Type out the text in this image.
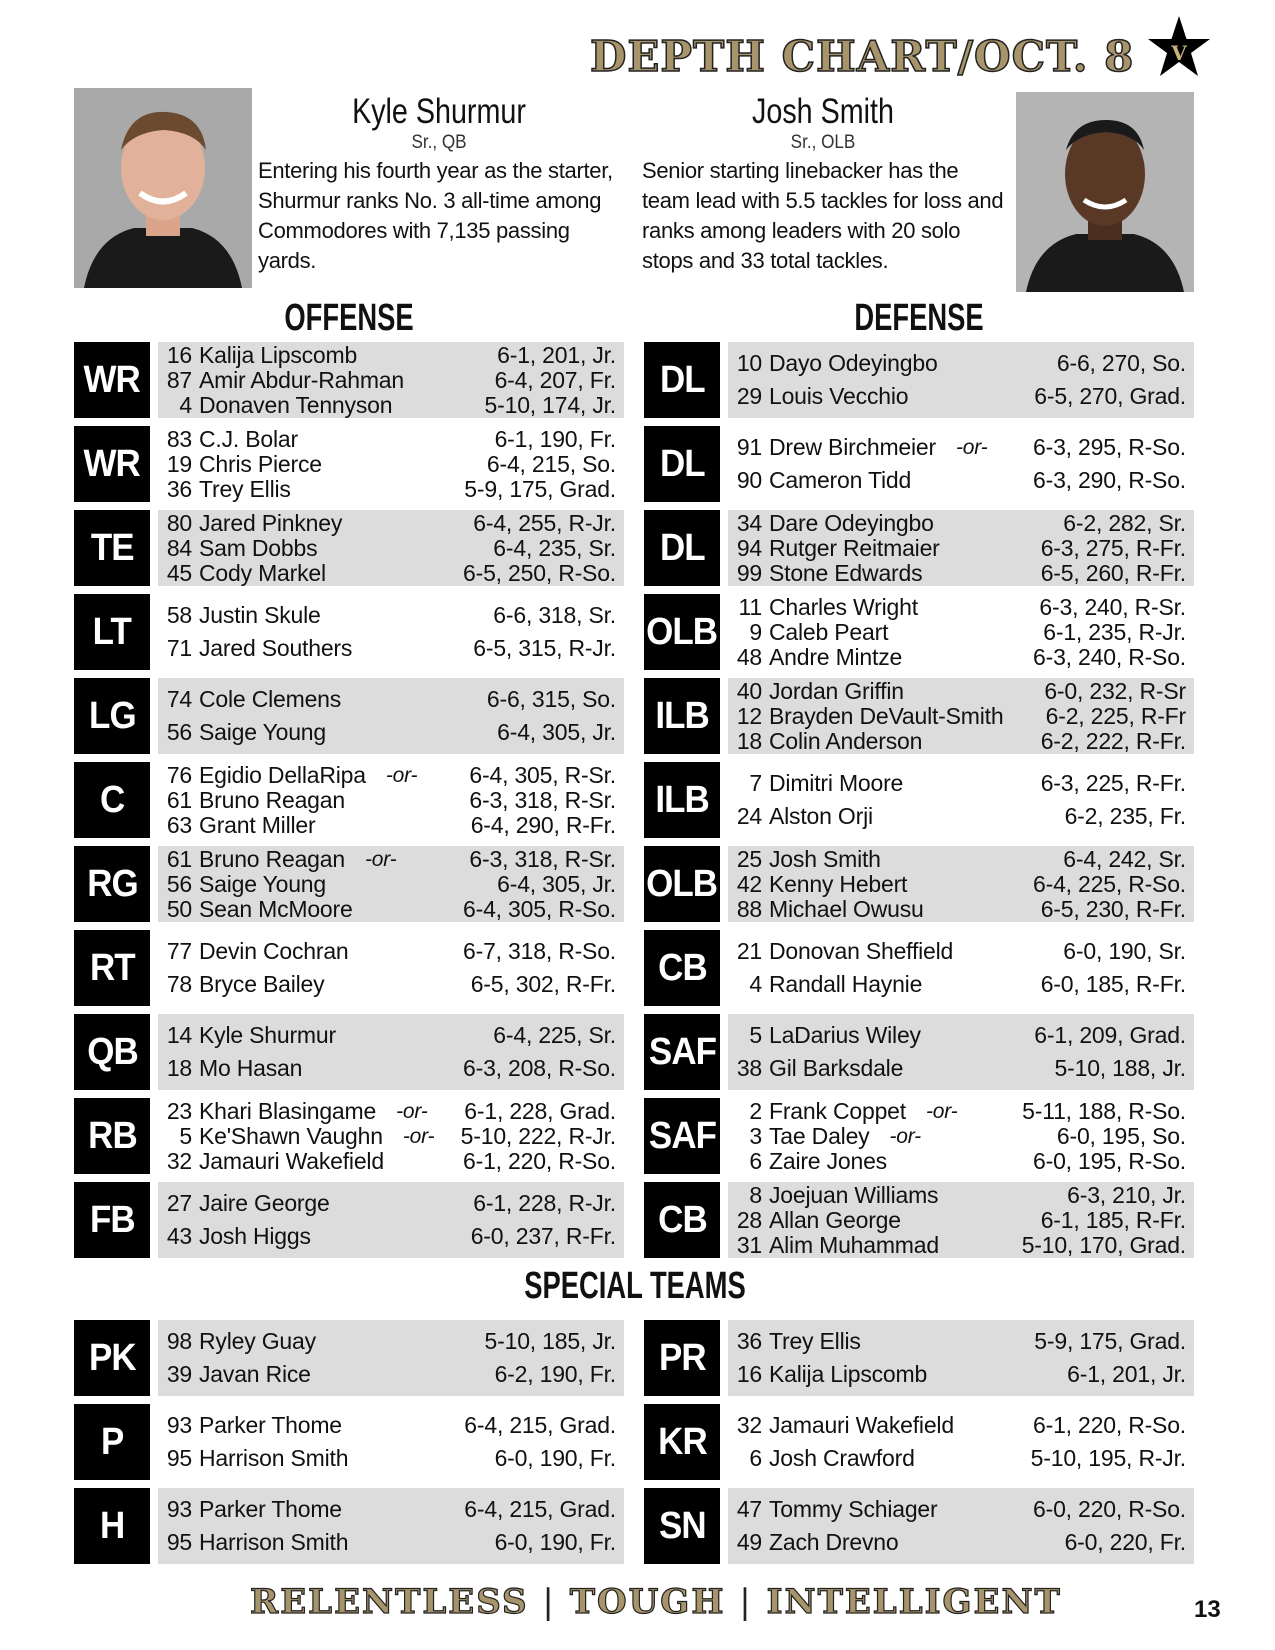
DEPTH CHART/OCT. 8 V
Kyle Shurmur
Sr., QB
Entering his fourth year as the starter, Shurmur ranks No. 3 all-time among Commodores with 7,135 passing yards.
Josh Smith
Sr., OLB
Senior starting linebacker has the team lead with 5.5 tackles for loss and ranks among leaders with 20 solo stops and 33 total tackles.
OFFENSE	DEFENSE
SPECIAL TEAMS
WR
16 Kalija Lipscomb	6-1, 201, Jr.
87 Amir Abdur-Rahman	6-4, 207, Fr.
4 Donaven Tennyson	5-10, 174, Jr.
WR
83 C.J. Bolar	6-1, 190, Fr.
19 Chris Pierce	6-4, 215, So.
36 Trey Ellis	5-9, 175, Grad.
TE
80 Jared Pinkney	6-4, 255, R-Jr.
84 Sam Dobbs	6-4, 235, Sr.
45 Cody Markel	6-5, 250, R-So.
LT 58 Justin Skule	6-6, 318, Sr.
71 Jared Southers	6-5, 315, R-Jr.
LG 74 Cole Clemens	6-6, 315, So.
56 Saige Young	6-4, 305, Jr.
C
76 Egidio DellaRipa -or- 6-4, 305, R-Sr.
61 Bruno Reagan	6-3, 318, R-Sr.
63 Grant Miller	6-4, 290, R-Fr.
RG
61 Bruno Reagan -or-	6-3, 318, R-Sr.
56 Saige Young	6-4, 305, Jr.
50 Sean McMoore	6-4, 305, R-So.
RT 77 Devin Cochran	6-7, 318, R-So.
78 Bryce Bailey	6-5, 302, R-Fr.
QB 14 Kyle Shurmur	6-4, 225, Sr.
18 Mo Hasan	6-3, 208, R-So.
RB
23 Khari Blasingame -or- 6-1, 228, Grad.
5 Ke'Shawn Vaughn -or- 5-10, 222, R-Jr.
32 Jamauri Wakefield	6-1, 220, R-So.
FB 27 Jaire George	6-1, 228, R-Jr.
43 Josh Higgs	6-0, 237, R-Fr.
DL 10 Dayo Odeyingbo	6-6, 270, So.
29 Louis Vecchio	6-5, 270, Grad.
DL 91 Drew Birchmeier -or- 6-3, 295, R-So.
90 Cameron Tidd	6-3, 290, R-So.
DL
34 Dare Odeyingbo	6-2, 282, Sr.
94 Rutger Reitmaier	6-3, 275, R-Fr.
99 Stone Edwards	6-5, 260, R-Fr.
OLB
11 Charles Wright	6-3, 240, R-Sr.
9 Caleb Peart	6-1, 235, R-Jr.
48 Andre Mintze	6-3, 240, R-So.
ILB
40 Jordan Griffin	6-0, 232, R-Sr
12 Brayden DeVault-Smith 6-2, 225, R-Fr
18 Colin Anderson	6-2, 222, R-Fr.
ILB	7 Dimitri Moore	6-3, 225, R-Fr.
24 Alston Orji	6-2, 235, Fr.
OLB
25 Josh Smith	6-4, 242, Sr.
42 Kenny Hebert	6-4, 225, R-So.
88 Michael Owusu	6-5, 230, R-Fr.
CB 21 Donovan Sheffield	6-0, 190, Sr.
4 Randall Haynie	6-0, 185, R-Fr.
SAF	5 LaDarius Wiley	6-1, 209, Grad.
38 Gil Barksdale	5-10, 188, Jr.
SAF
2 Frank Coppet -or-	5-11, 188, R-So.
3 Tae Daley -or-	6-0, 195, So.
6 Zaire Jones	6-0, 195, R-So.
CB
8 Joejuan Williams	6-3, 210, Jr.
28 Allan George	6-1, 185, R-Fr.
31 Alim Muhammad	5-10, 170, Grad.
PK 98 Ryley Guay	5-10, 185, Jr.
39 Javan Rice	6-2, 190, Fr.
P 93 Parker Thome	6-4, 215, Grad.
95 Harrison Smith	6-0, 190, Fr.
H 93 Parker Thome	6-4, 215, Grad.
95 Harrison Smith	6-0, 190, Fr.
PR 36 Trey Ellis	5-9, 175, Grad.
16 Kalija Lipscomb	6-1, 201, Jr.
KR 32 Jamauri Wakefield	6-1, 220, R-So.
6 Josh Crawford	5-10, 195, R-Jr.
SN 47 Tommy Schiager	6-0, 220, R-So.
49 Zach Drevno	6-0, 220, Fr.
RELENTLESS | TOUGH | INTELLIGENT	13
